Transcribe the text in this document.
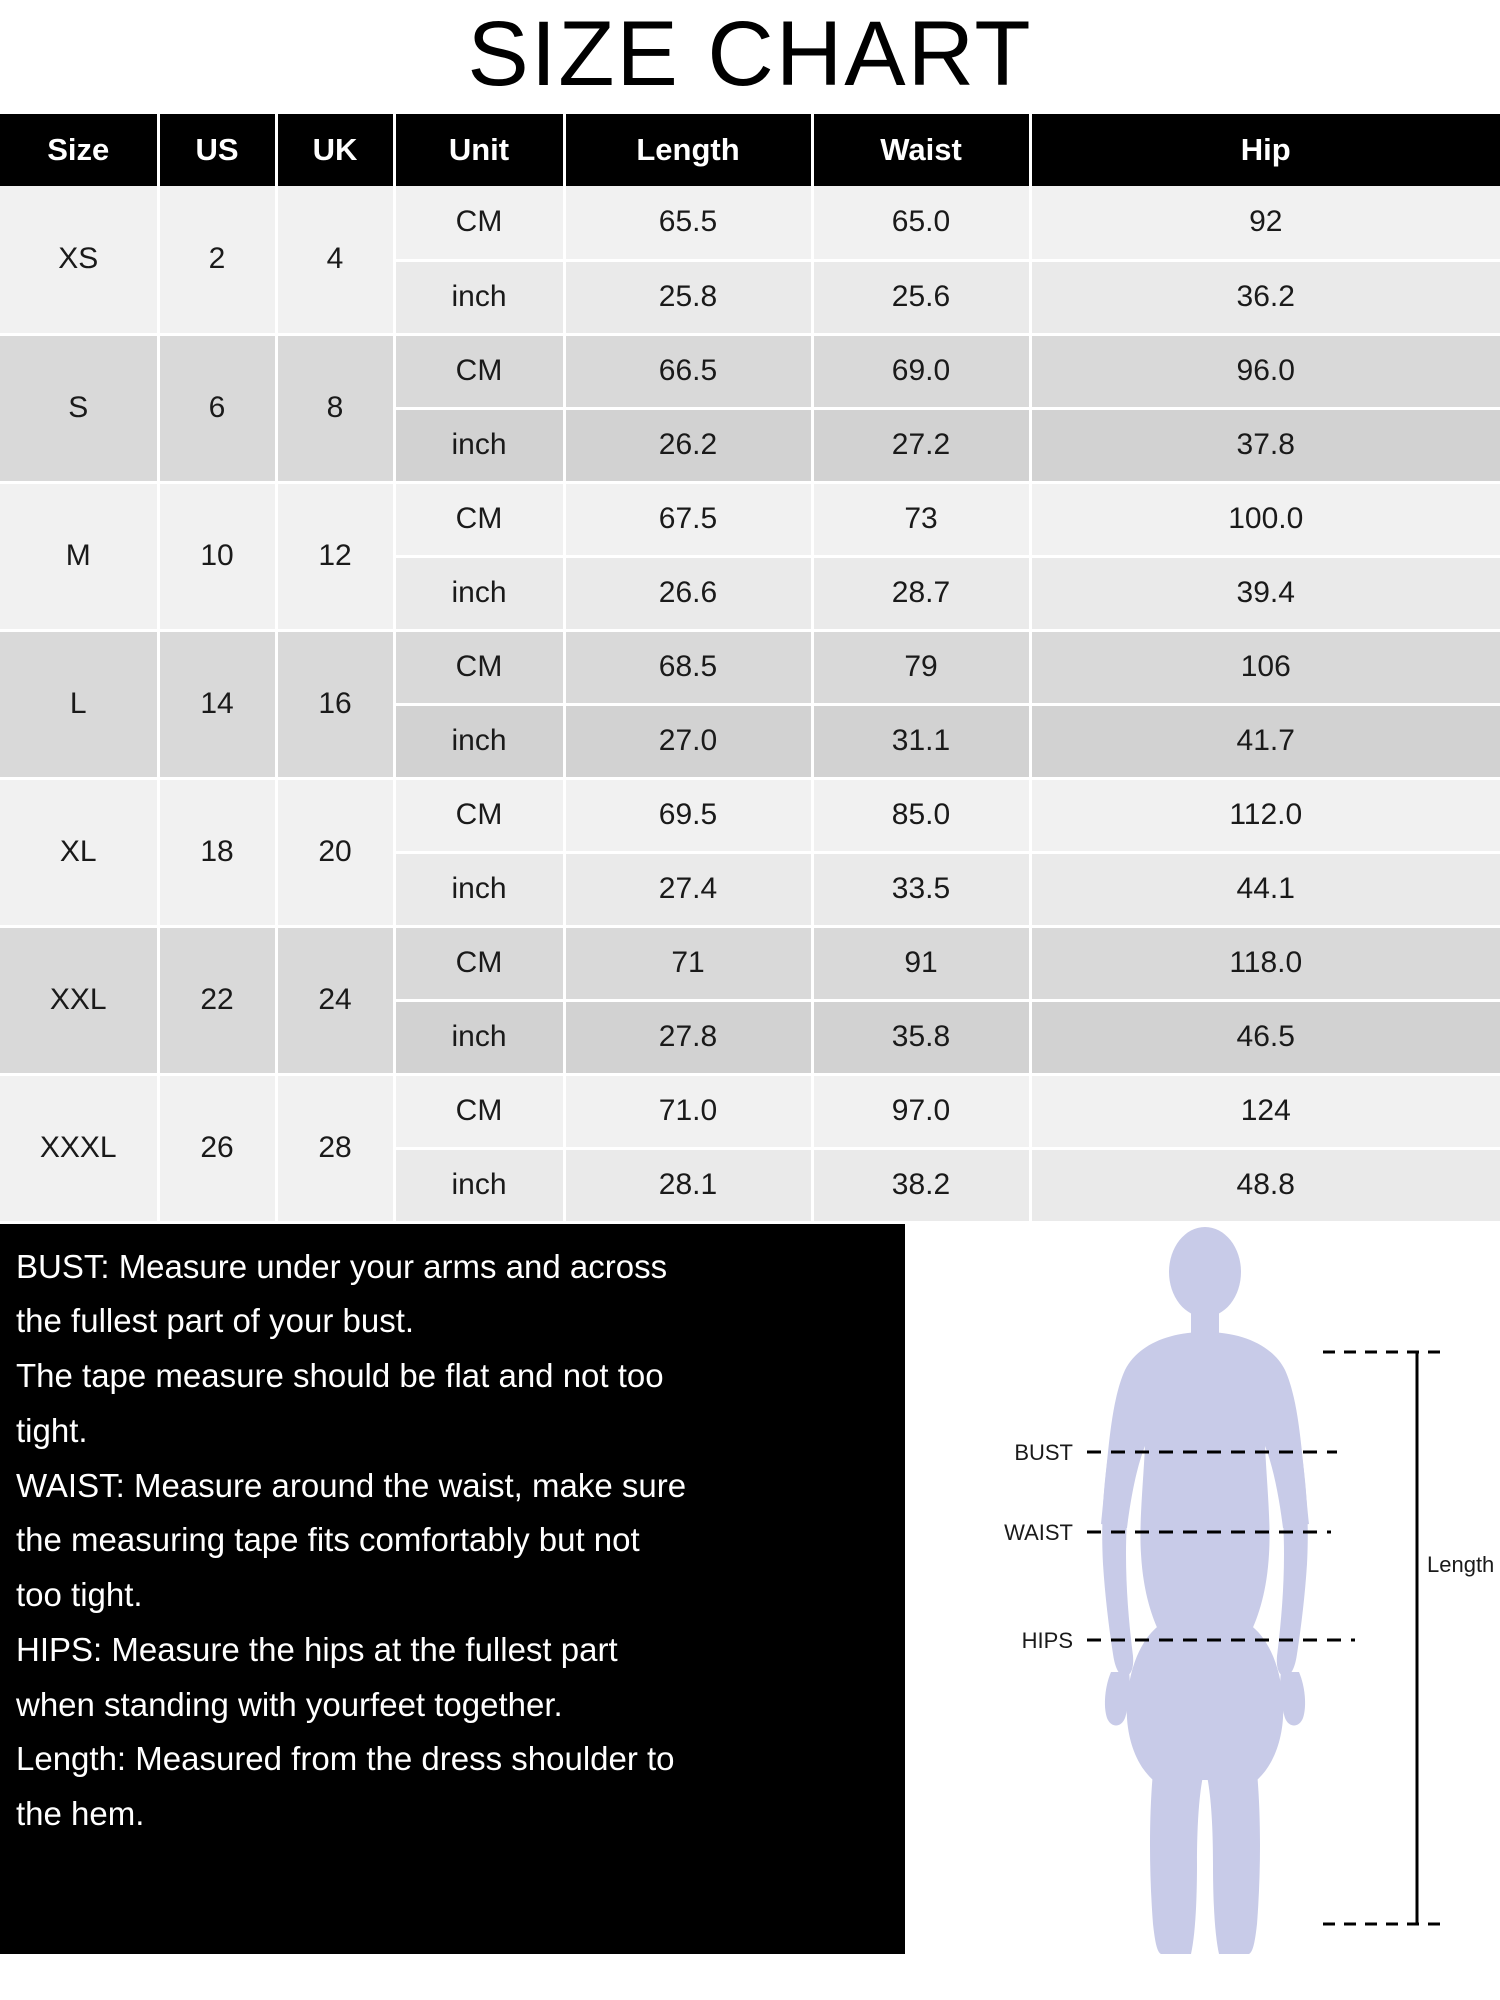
SIZE CHART
Size	US	UK	Unit	Length	Waist	Hip
XS	2	4	CM	65.5	65.0	92
			inch	25.8	25.6	36.2
S	6	8	CM	66.5	69.0	96.0
			inch	26.2	27.2	37.8
M	10	12	CM	67.5	73	100.0
			inch	26.6	28.7	39.4
L	14	16	CM	68.5	79	106
			inch	27.0	31.1	41.7
XL	18	20	CM	69.5	85.0	112.0
			inch	27.4	33.5	44.1
XXL	22	24	CM	71	91	118.0
			inch	27.8	35.8	46.5
XXXL	26	28	CM	71.0	97.0	124
			inch	28.1	38.2	48.8

BUST: Measure under your arms and across

the fullest part of your bust.

The tape measure should be flat and not too

tight.

WAIST: Measure around the waist, make sure

the measuring tape fits comfortably but not

too tight.

HIPS: Measure the hips at the fullest part

when standing with yourfeet together.

Length: Measured from the dress shoulder to

the hem.

Length
BUST
WAIST
HIPS
